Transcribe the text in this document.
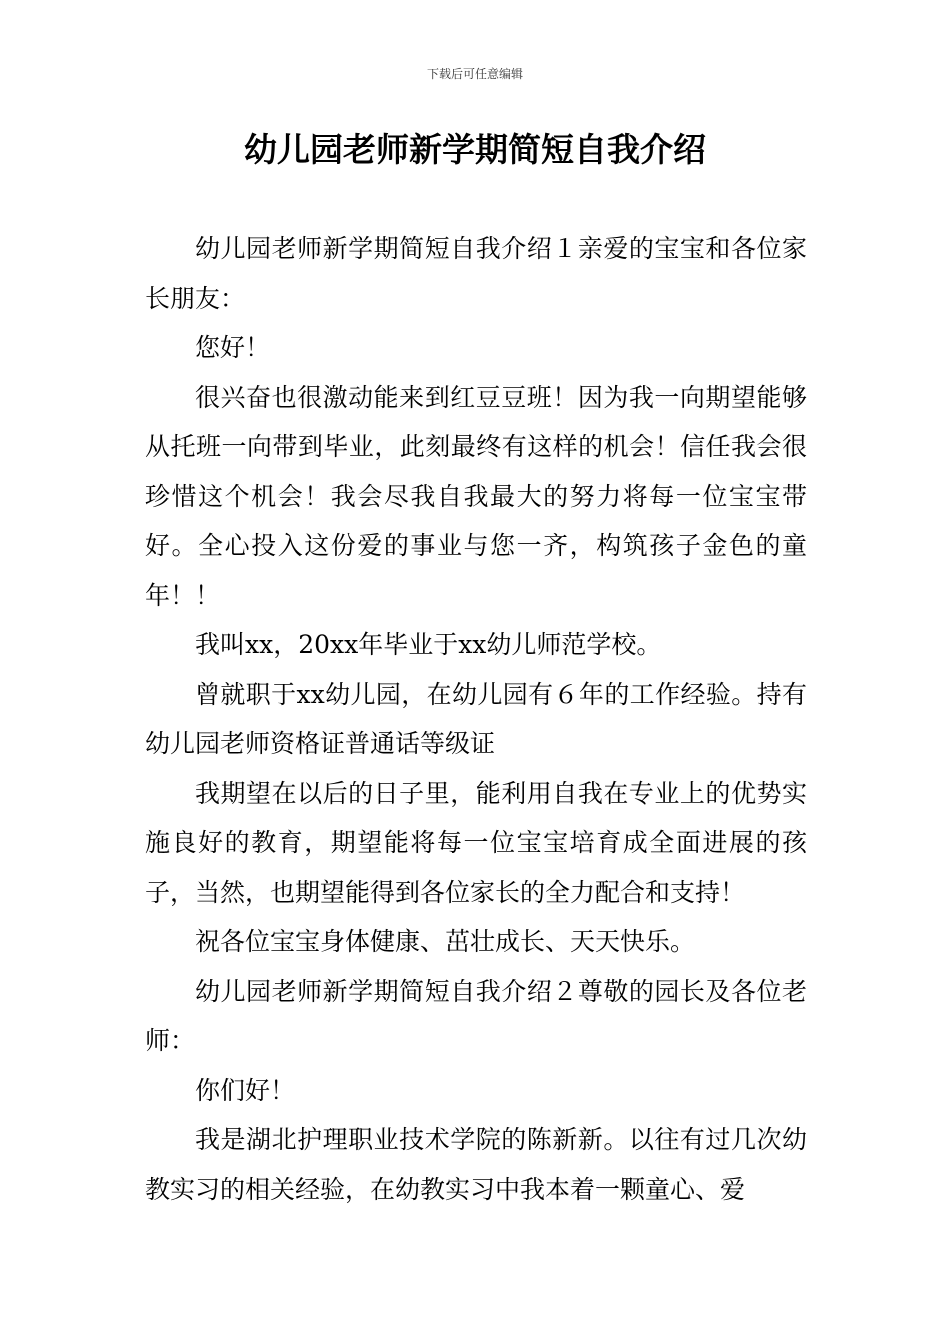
下载后可任意编辑
幼儿园老师新学期简短自我介绍

幼儿园老师新学期简短自我介绍１亲爱的宝宝和各位家长朋友：

您好！

很兴奋也很激动能来到红豆豆班！因为我一向期望能够从托班一向带到毕业，此刻最终有这样的机会！信任我会很珍惜这个机会！我会尽我自我最大的努力将每一位宝宝带好。全心投入这份爱的事业与您一齐，构筑孩子金色的童年！！

我叫xx，20xx年毕业于xx幼儿师范学校。

曾就职于xx幼儿园，在幼儿园有６年的工作经验。持有幼儿园老师资格证普通话等级证

我期望在以后的日子里，能利用自我在专业上的优势实施良好的教育，期望能将每一位宝宝培育成全面进展的孩子，当然，也期望能得到各位家长的全力配合和支持！

祝各位宝宝身体健康、茁壮成长、天天快乐。

幼儿园老师新学期简短自我介绍２尊敬的园长及各位老师：

你们好！

我是湖北护理职业技术学院的陈新新。以往有过几次幼教实习的相关经验，在幼教实习中我本着一颗童心、爱
